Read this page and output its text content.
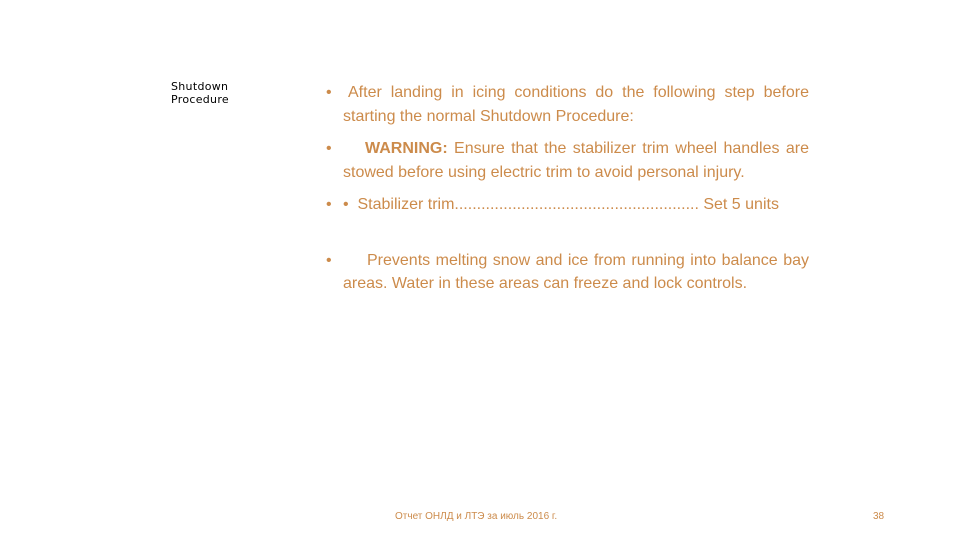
Shutdown
Procedure	•	After landing in icing conditions do the following step before starting the normal Shutdown Procedure:

•	WARNING: Ensure that the stabilizer trim wheel handles are stowed before using electric trim to avoid personal injury.

• • Stabilizer trim....................................................... Set 5 units

•	Prevents melting snow and ice from running into balance bay areas. Water in these areas can freeze and lock controls.

Отчет ОНЛД и ЛТЭ за июль 2016 г.	38
